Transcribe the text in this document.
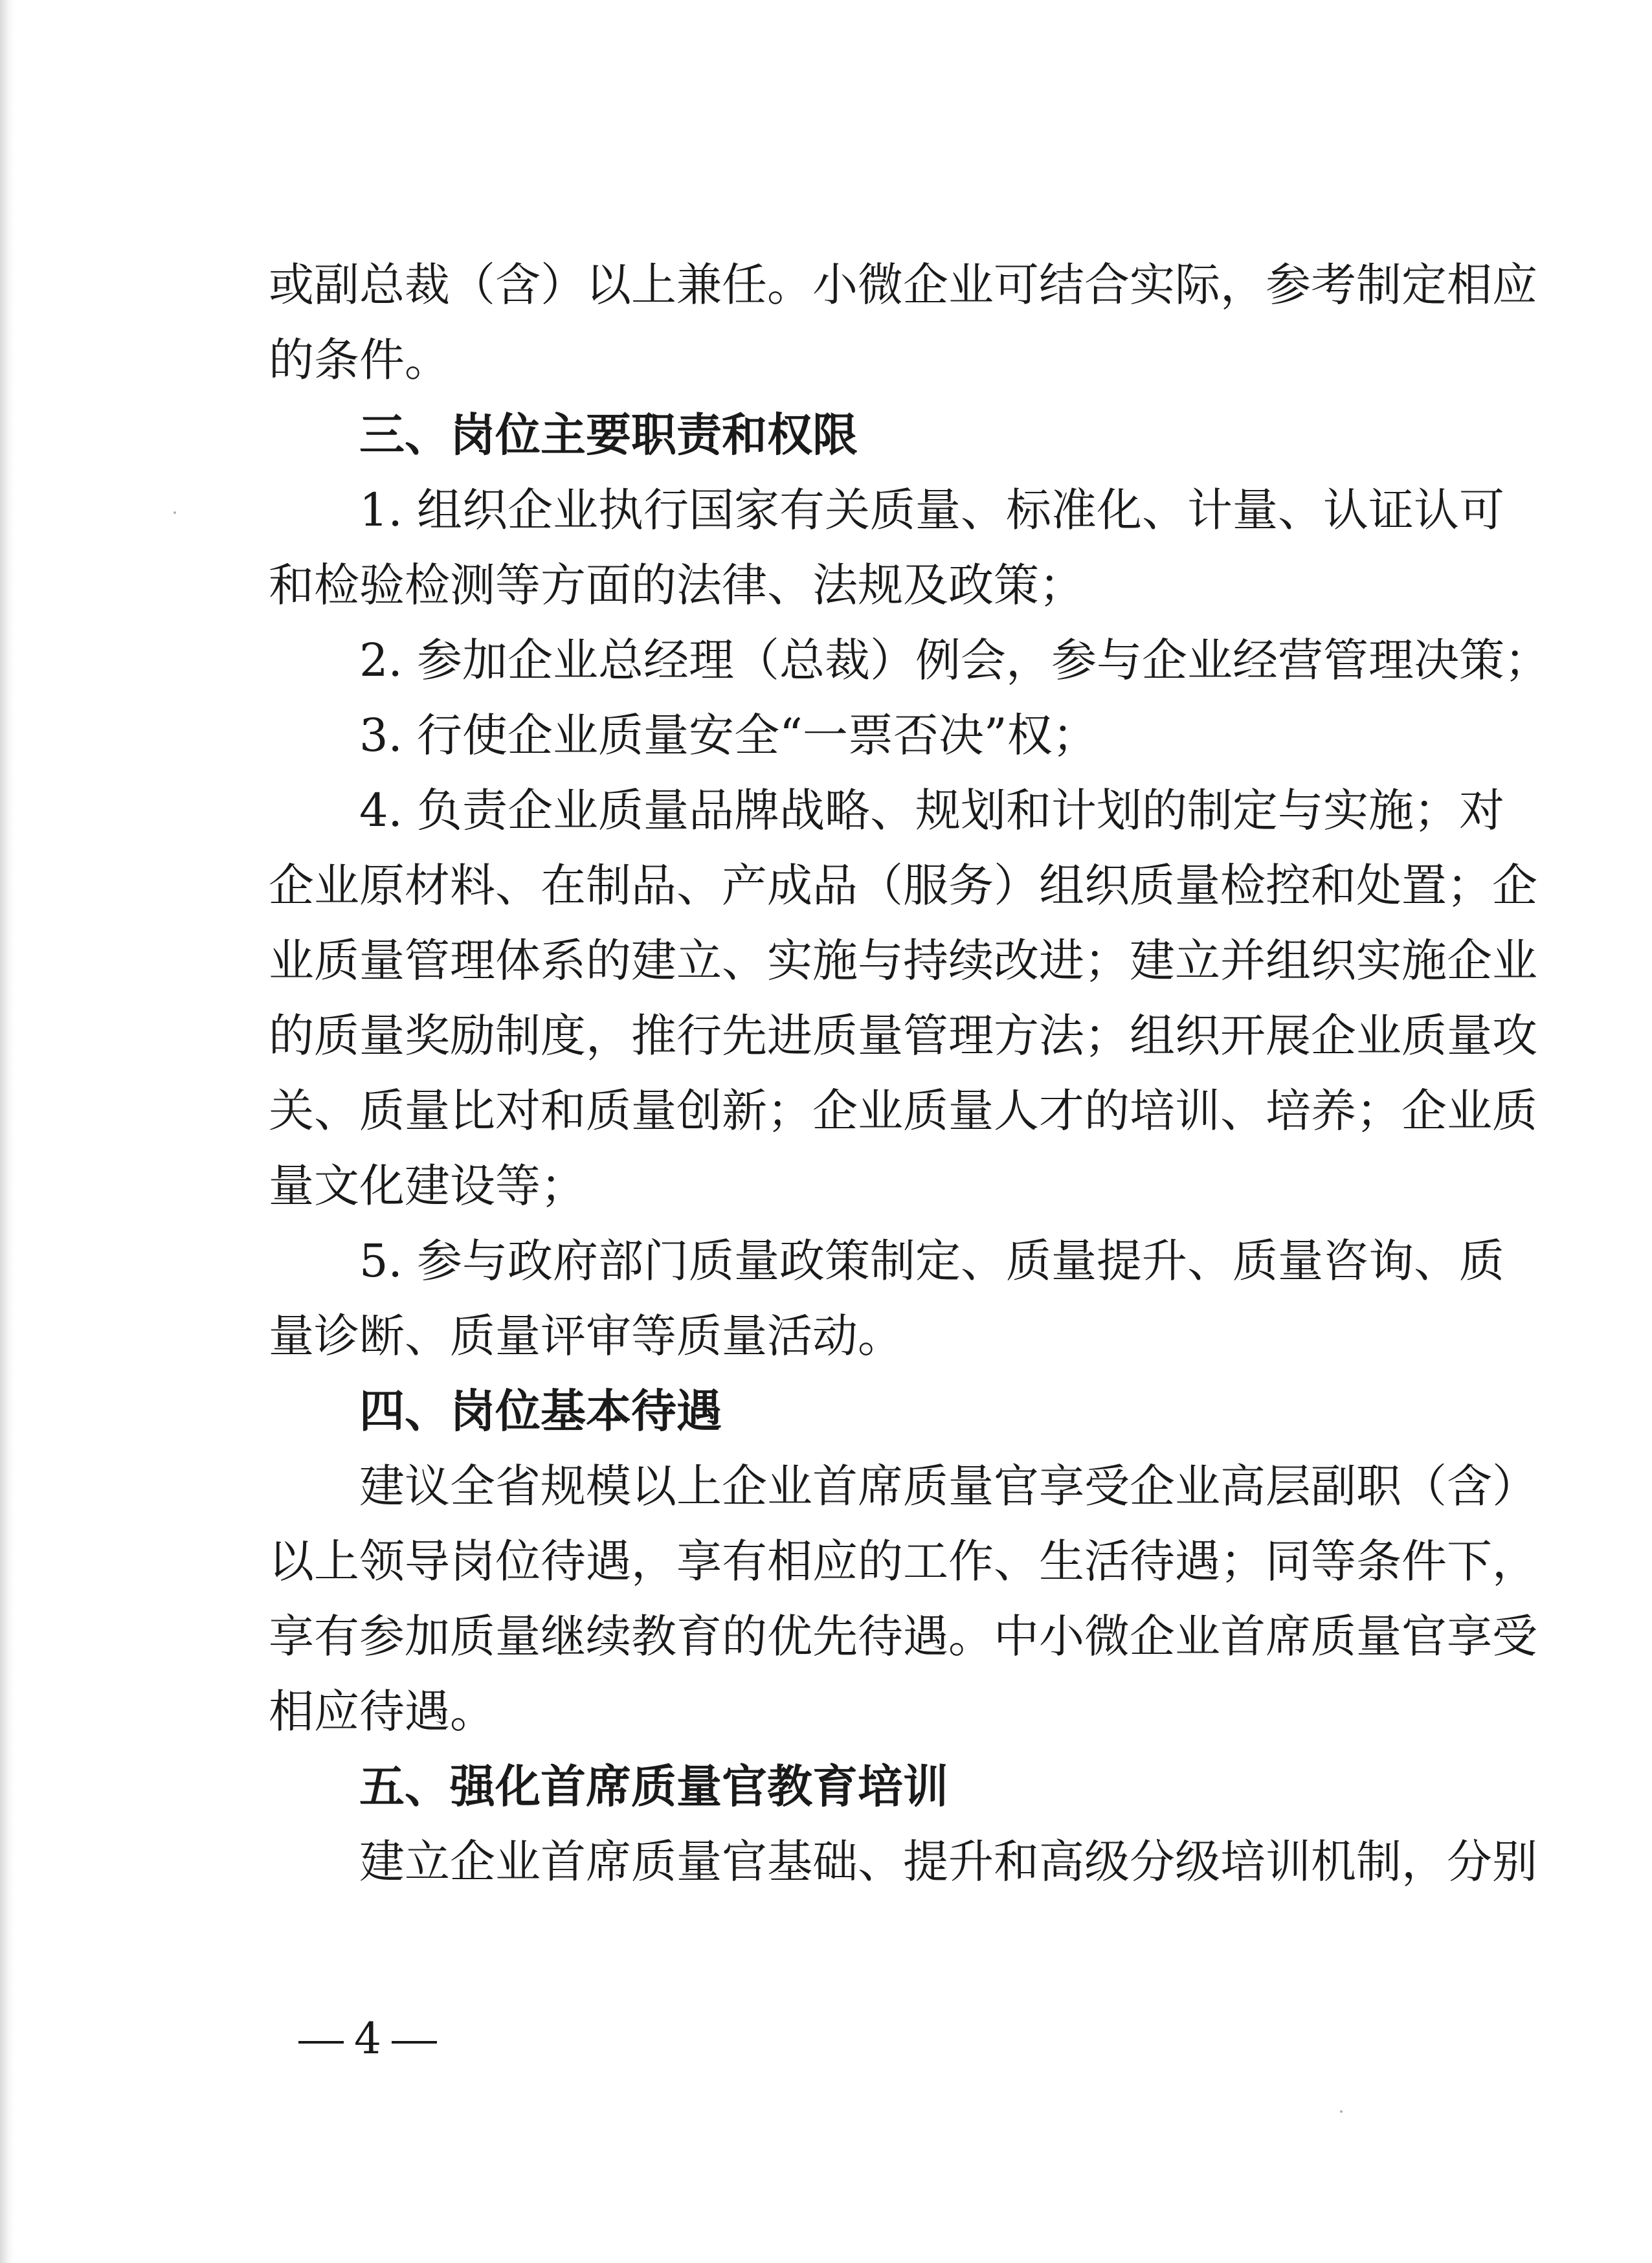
或副总裁（含）以上兼任。小微企业可结合实际，参考制定相应
的条件。
三、岗位主要职责和权限
1. 组织企业执行国家有关质量、标准化、计量、认证认可
和检验检测等方面的法律、法规及政策；
2. 参加企业总经理（总裁）例会，参与企业经营管理决策；
3. 行使企业质量安全“一票否决”权；
4. 负责企业质量品牌战略、规划和计划的制定与实施；对
企业原材料、在制品、产成品（服务）组织质量检控和处置；企
业质量管理体系的建立、实施与持续改进；建立并组织实施企业
的质量奖励制度，推行先进质量管理方法；组织开展企业质量攻
关、质量比对和质量创新；企业质量人才的培训、培养；企业质
量文化建设等；
5. 参与政府部门质量政策制定、质量提升、质量咨询、质
量诊断、质量评审等质量活动。
四、岗位基本待遇
建议全省规模以上企业首席质量官享受企业高层副职（含）
以上领导岗位待遇，享有相应的工作、生活待遇；同等条件下，
享有参加质量继续教育的优先待遇。中小微企业首席质量官享受
相应待遇。
五、强化首席质量官教育培训
建立企业首席质量官基础、提升和高级分级培训机制，分别
4
